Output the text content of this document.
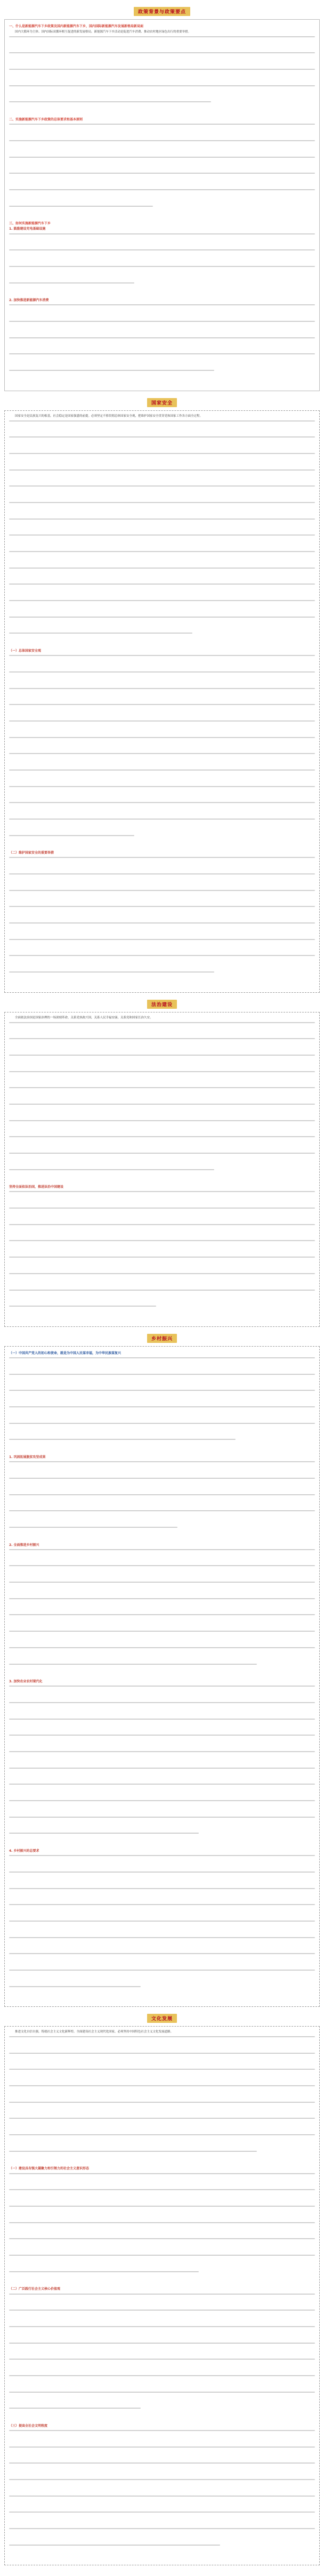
政策背景与政策要点
一、什么是新能源汽车下乡政策及国内新能源汽车下乡，国内国际新能源汽车发展新格局新局面

国内大循环为主体、国内国际双循环相互促进的新发展格局，新能源汽车下乡活动是促进汽车消费、推动农村地区绿色出行的重要举措。

二、实施新能源汽车下乡政策的总体要求和基本原则
三、如何实施新能源汽车下乡
1. 鼓励建设充电基础设施
2. 加快推进新能源汽车消费
国家安全

国家安全是民族复兴的根基，社会稳定是国家强盛的前提。必须坚定不移贯彻总体国家安全观，把维护国家安全贯穿党和国家工作各方面全过程。

（一）总体国家安全观
（二）维护国家安全的重要举措
法治建设

全面依法治国是国家治理的一场深刻革命，关系党执政兴国，关系人民幸福安康，关系党和国家长治久安。

坚持全面依法治国，推进法治中国建设
乡村振兴
（一）中国共产党人的初心和使命，就是为中国人民谋幸福，为中华民族谋复兴
1. 巩固拓展脱贫攻坚成果
2. 全面推进乡村振兴
3. 加快农业农村现代化
4. 乡村振兴的总要求
文化发展

推进文化自信自强，铸就社会主义文化新辉煌。全面建设社会主义现代化国家，必须坚持中国特色社会主义文化发展道路。

（一）建设具有强大凝聚力和引领力的社会主义意识形态
（二）广泛践行社会主义核心价值观
（三）提高全社会文明程度
